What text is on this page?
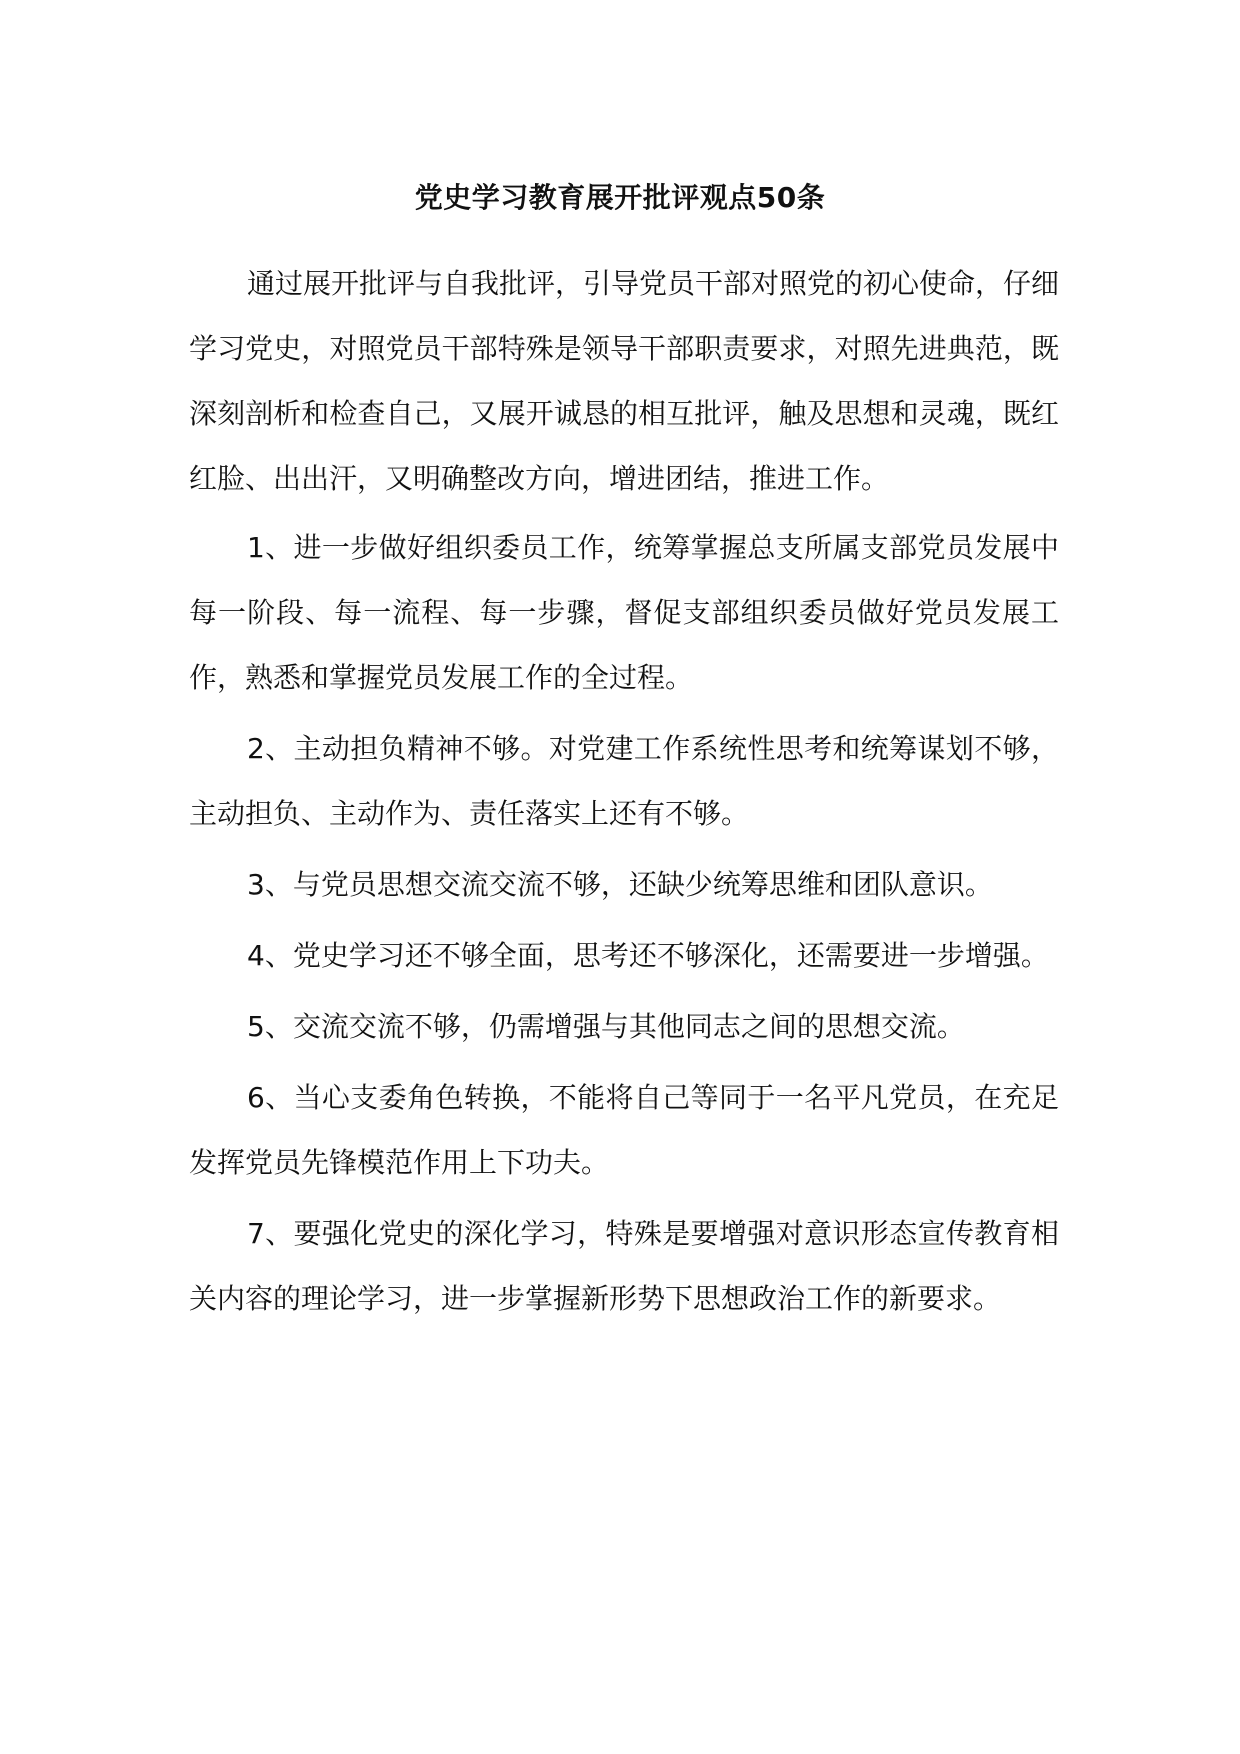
党史学习教育展开批评观点50条

通过展开批评与自我批评，引导党员干部对照党的初心使命，仔细学习党史，对照党员干部特殊是领导干部职责要求，对照先进典范，既深刻剖析和检查自己，又展开诚恳的相互批评，触及思想和灵魂，既红红脸、出出汗，又明确整改方向，增进团结，推进工作。

1、进一步做好组织委员工作，统筹掌握总支所属支部党员发展中每一阶段、每一流程、每一步骤，督促支部组织委员做好党员发展工作，熟悉和掌握党员发展工作的全过程。

2、主动担负精神不够。对党建工作系统性思考和统筹谋划不够，主动担负、主动作为、责任落实上还有不够。

3、与党员思想交流交流不够，还缺少统筹思维和团队意识。

4、党史学习还不够全面，思考还不够深化，还需要进一步增强。

5、交流交流不够，仍需增强与其他同志之间的思想交流。

6、当心支委角色转换，不能将自己等同于一名平凡党员，在充足发挥党员先锋模范作用上下功夫。

7、要强化党史的深化学习，特殊是要增强对意识形态宣传教育相关内容的理论学习，进一步掌握新形势下思想政治工作的新要求。
